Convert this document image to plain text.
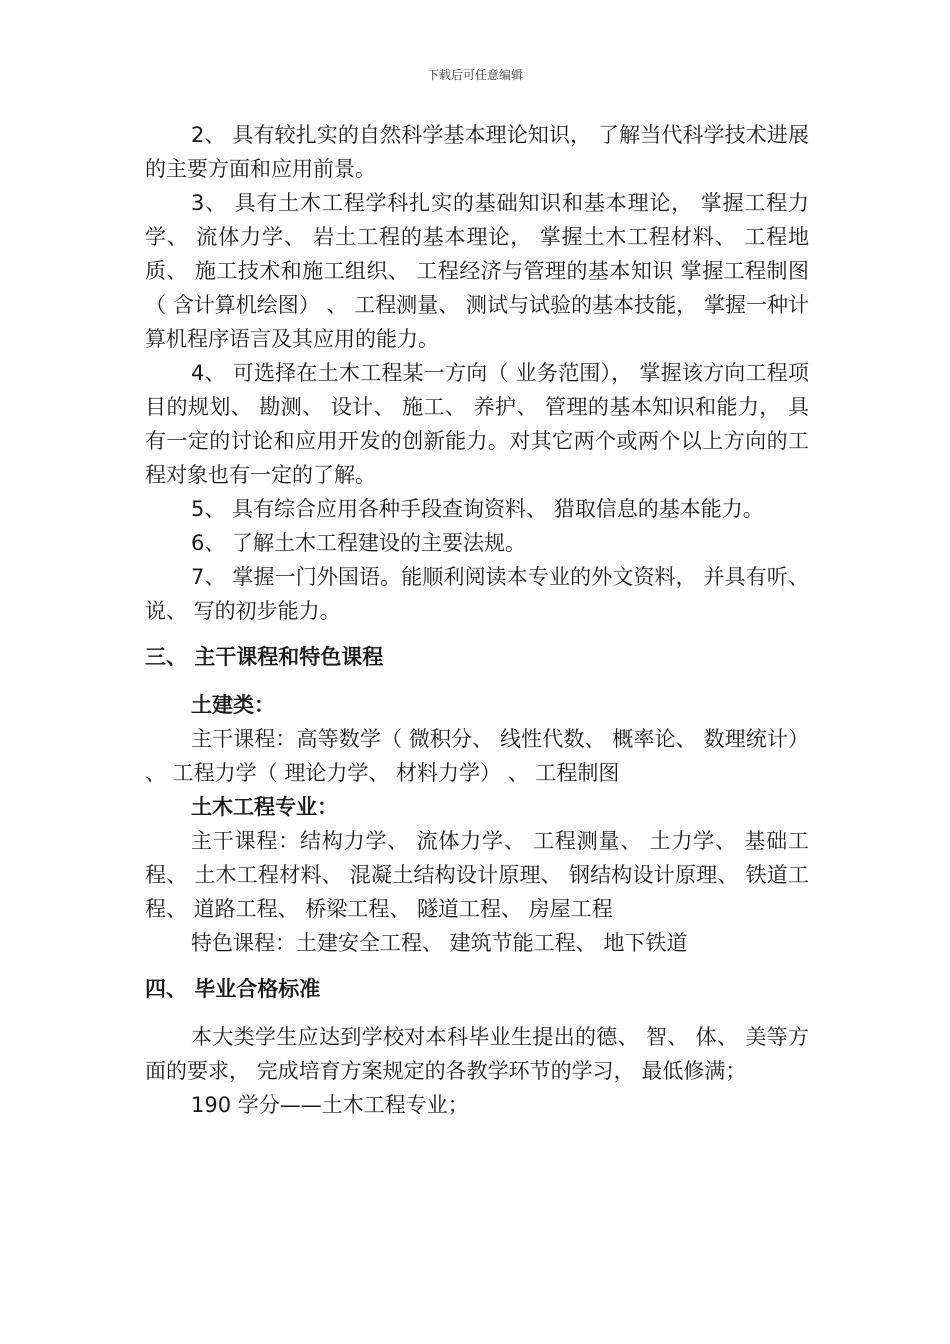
下载后可任意编辑

2、 具有较扎实的自然科学基本理论知识， 了解当代科学技术进展的主要方面和应用前景。

3、 具有土木工程学科扎实的基础知识和基本理论， 掌握工程力学、 流体力学、 岩土工程的基本理论， 掌握土木工程材料、 工程地质、 施工技术和施工组织、 工程经济与管理的基本知识 掌握工程制图（ 含计算机绘图） 、 工程测量、 测试与试验的基本技能， 掌握一种计算机程序语言及其应用的能力。

4、 可选择在土木工程某一方向（ 业务范围）， 掌握该方向工程项目的规划、 勘测、 设计、 施工、 养护、 管理的基本知识和能力， 具有一定的讨论和应用开发的创新能力。对其它两个或两个以上方向的工程对象也有一定的了解。

5、 具有综合应用各种手段查询资料、 猎取信息的基本能力。

6、 了解土木工程建设的主要法规。

7、 掌握一门外国语。能顺利阅读本专业的外文资料， 并具有听、 说、 写的初步能力。

三、 主干课程和特色课程

土建类：

主干课程：高等数学（ 微积分、 线性代数、 概率论、 数理统计） 、 工程力学（ 理论力学、 材料力学） 、 工程制图

土木工程专业：

主干课程：结构力学、 流体力学、 工程测量、 土力学、 基础工程、 土木工程材料、 混凝土结构设计原理、 钢结构设计原理、 铁道工程、 道路工程、 桥梁工程、 隧道工程、 房屋工程

特色课程：土建安全工程、 建筑节能工程、 地下铁道

四、 毕业合格标准

本大类学生应达到学校对本科毕业生提出的德、 智、 体、 美等方面的要求， 完成培育方案规定的各教学环节的学习， 最低修满；

190 学分——土木工程专业；
